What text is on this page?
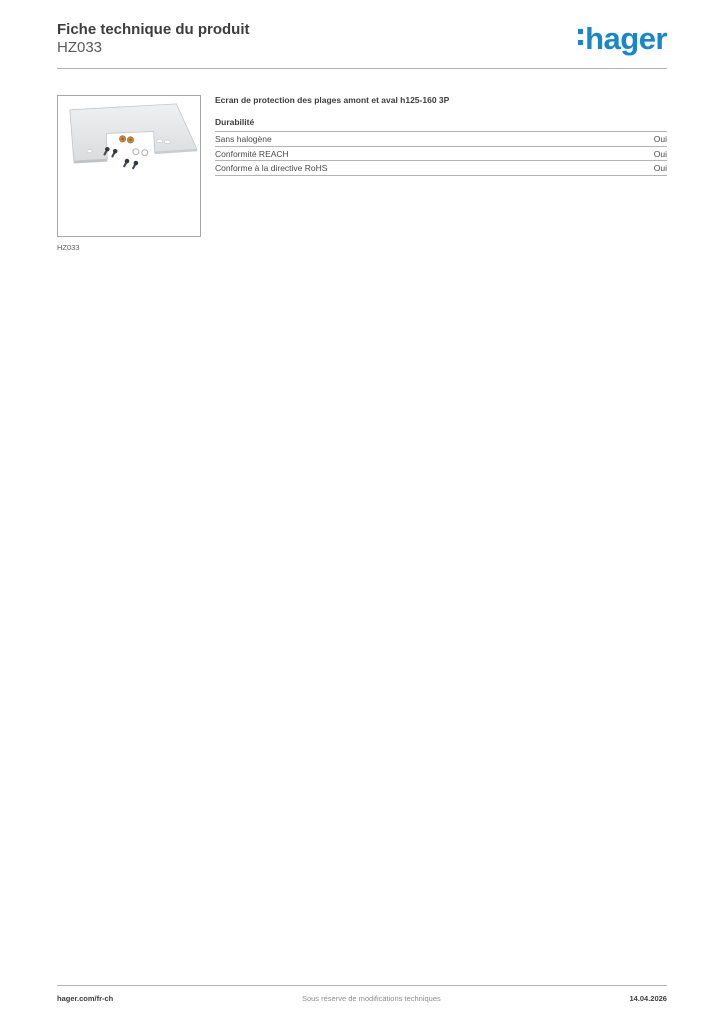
Fiche technique du produit
HZ033	hager
HZ033
Ecran de protection des plages amont et aval h125-160 3P
Durabilité
Sans halogène	Oui
Conformité REACH	Oui
Conforme à la directive RoHS	Oui
hager.com/fr-ch	Sous réserve de modifications techniques	14.04.2026
